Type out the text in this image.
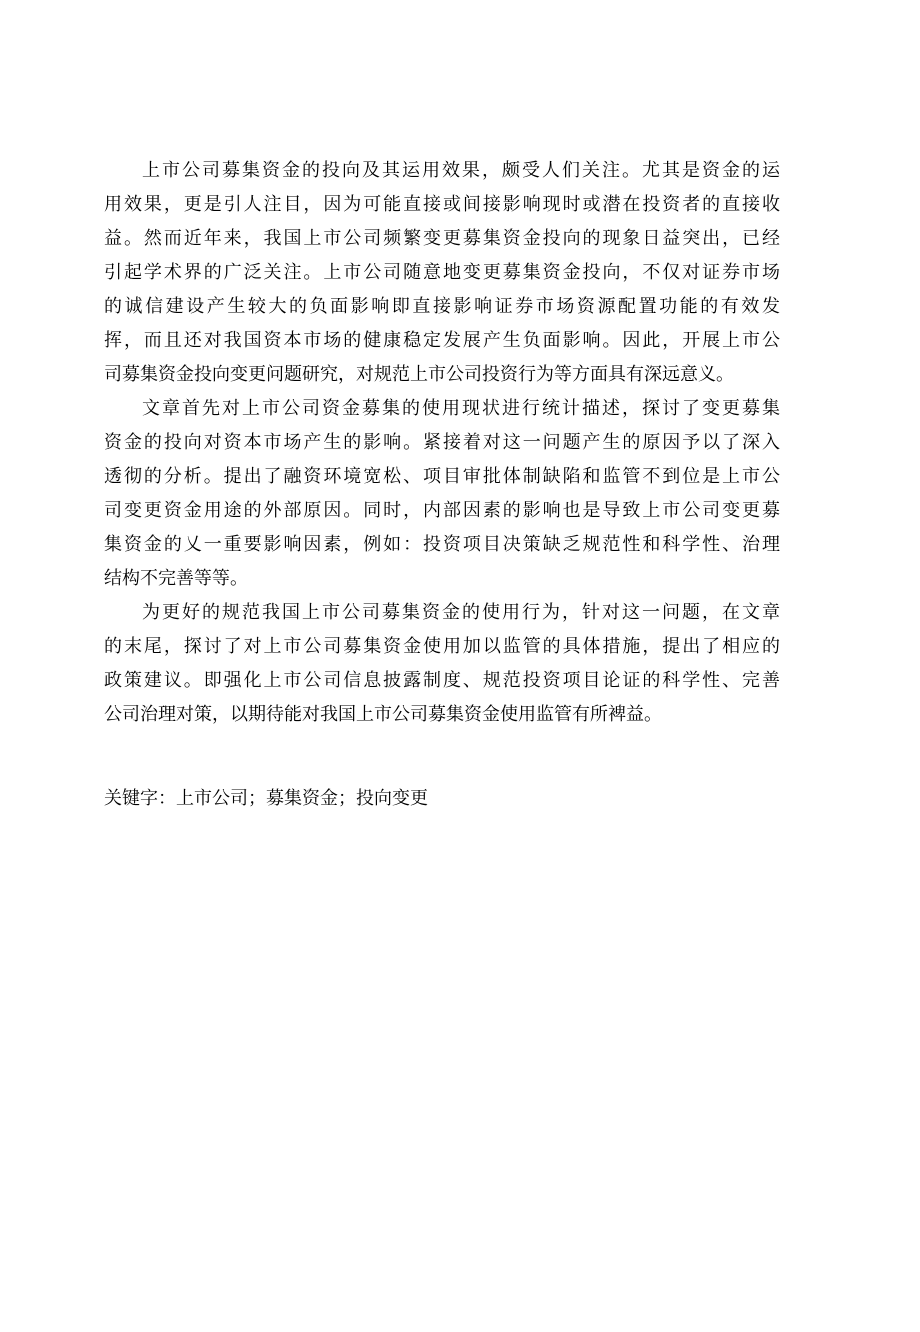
上市公司募集资金的投向及其运用效果，颇受人们关注。尤其是资金的运
用效果，更是引人注目，因为可能直接或间接影响现时或潜在投资者的直接收
益。然而近年来，我国上市公司频繁变更募集资金投向的现象日益突出，已经
引起学术界的广泛关注。上市公司随意地变更募集资金投向，不仅对证券市场
的诚信建设产生较大的负面影响即直接影响证券市场资源配置功能的有效发
挥，而且还对我国资本市场的健康稳定发展产生负面影响。因此，开展上市公
司募集资金投向变更问题研究，对规范上市公司投资行为等方面具有深远意义。
文章首先对上市公司资金募集的使用现状进行统计描述，探讨了变更募集
资金的投向对资本市场产生的影响。紧接着对这一问题产生的原因予以了深入
透彻的分析。提出了融资环境宽松、项目审批体制缺陷和监管不到位是上市公
司变更资金用途的外部原因。同时，内部因素的影响也是导致上市公司变更募
集资金的乂一重要影响因素，例如：投资项目决策缺乏规范性和科学性、治理
结构不完善等等。
为更好的规范我国上市公司募集资金的使用行为，针对这一问题，在文章
的末尾，探讨了对上市公司募集资金使用加以监管的具体措施，提出了相应的
政策建议。即强化上市公司信息披露制度、规范投资项目论证的科学性、完善
公司治理对策，以期待能对我国上市公司募集资金使用监管有所裨益。
关键字：上市公司；募集资金；投向变更
